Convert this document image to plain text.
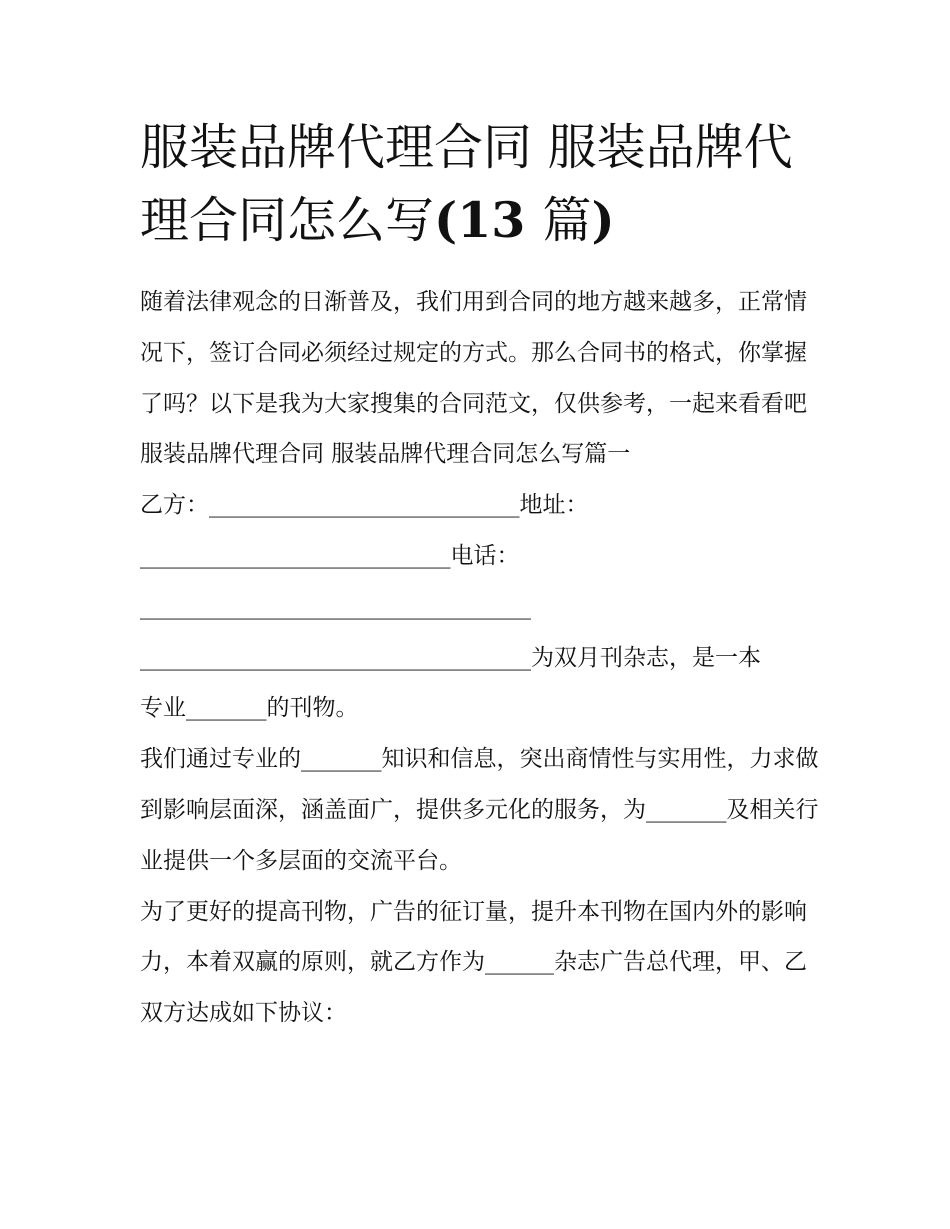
服装品牌代理合同 服装品牌代理合同怎么写(13 篇)

随着法律观念的日渐普及，我们用到合同的地方越来越多，正常情况下，签订合同必须经过规定的方式。那么合同书的格式，你掌握了吗？以下是我为大家搜集的合同范文，仅供参考，一起来看看吧

服装品牌代理合同 服装品牌代理合同怎么写篇一

乙方：___________________________地址：

___________________________电话：

__________________________________

__________________________________为双月刊杂志，是一本

专业_______的刊物。

我们通过专业的_______知识和信息，突出商情性与实用性，力求做到影响层面深，涵盖面广，提供多元化的服务，为_______及相关行业提供一个多层面的交流平台。

为了更好的提高刊物，广告的征订量，提升本刊物在国内外的影响力，本着双赢的原则，就乙方作为______杂志广告总代理，甲、乙双方达成如下协议：
